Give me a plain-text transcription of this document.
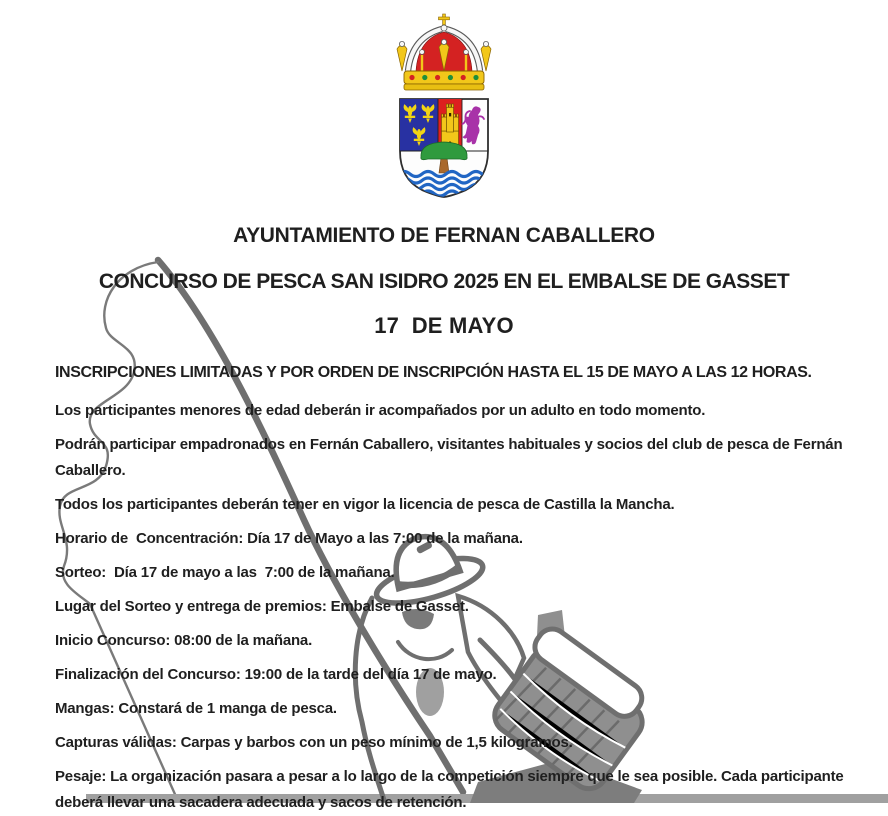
AYUNTAMIENTO DE FERNAN CABALLERO
CONCURSO DE PESCA SAN ISIDRO 2025 EN EL EMBALSE DE GASSET
17  DE MAYO
INSCRIPCIONES LIMITADAS Y POR ORDEN DE INSCRIPCIÓN HASTA EL 15 DE MAYO A LAS 12 HORAS.

Los participantes menores de edad deberán ir acompañados por un adulto en todo momento.

Podrán participar empadronados en Fernán Caballero, visitantes habituales y socios del club de pesca de Fernán Caballero.

Todos los participantes deberán tener en vigor la licencia de pesca de Castilla la Mancha.

Horario de  Concentración: Día 17 de Mayo a las 7:00 de la mañana.

Sorteo:  Día 17 de mayo a las  7:00 de la mañana.

Lugar del Sorteo y entrega de premios: Embalse de Gasset.

Inicio Concurso: 08:00 de la mañana.

Finalización del Concurso: 19:00 de la tarde del día 17 de mayo.

Mangas: Constará de 1 manga de pesca.

Capturas válidas: Carpas y barbos con un peso mínimo de 1,5 kilogramos.

Pesaje: La organización pasara a pesar a lo largo de la competición siempre que le sea posible. Cada participante deberá llevar una sacadera adecuada y sacos de retención.
